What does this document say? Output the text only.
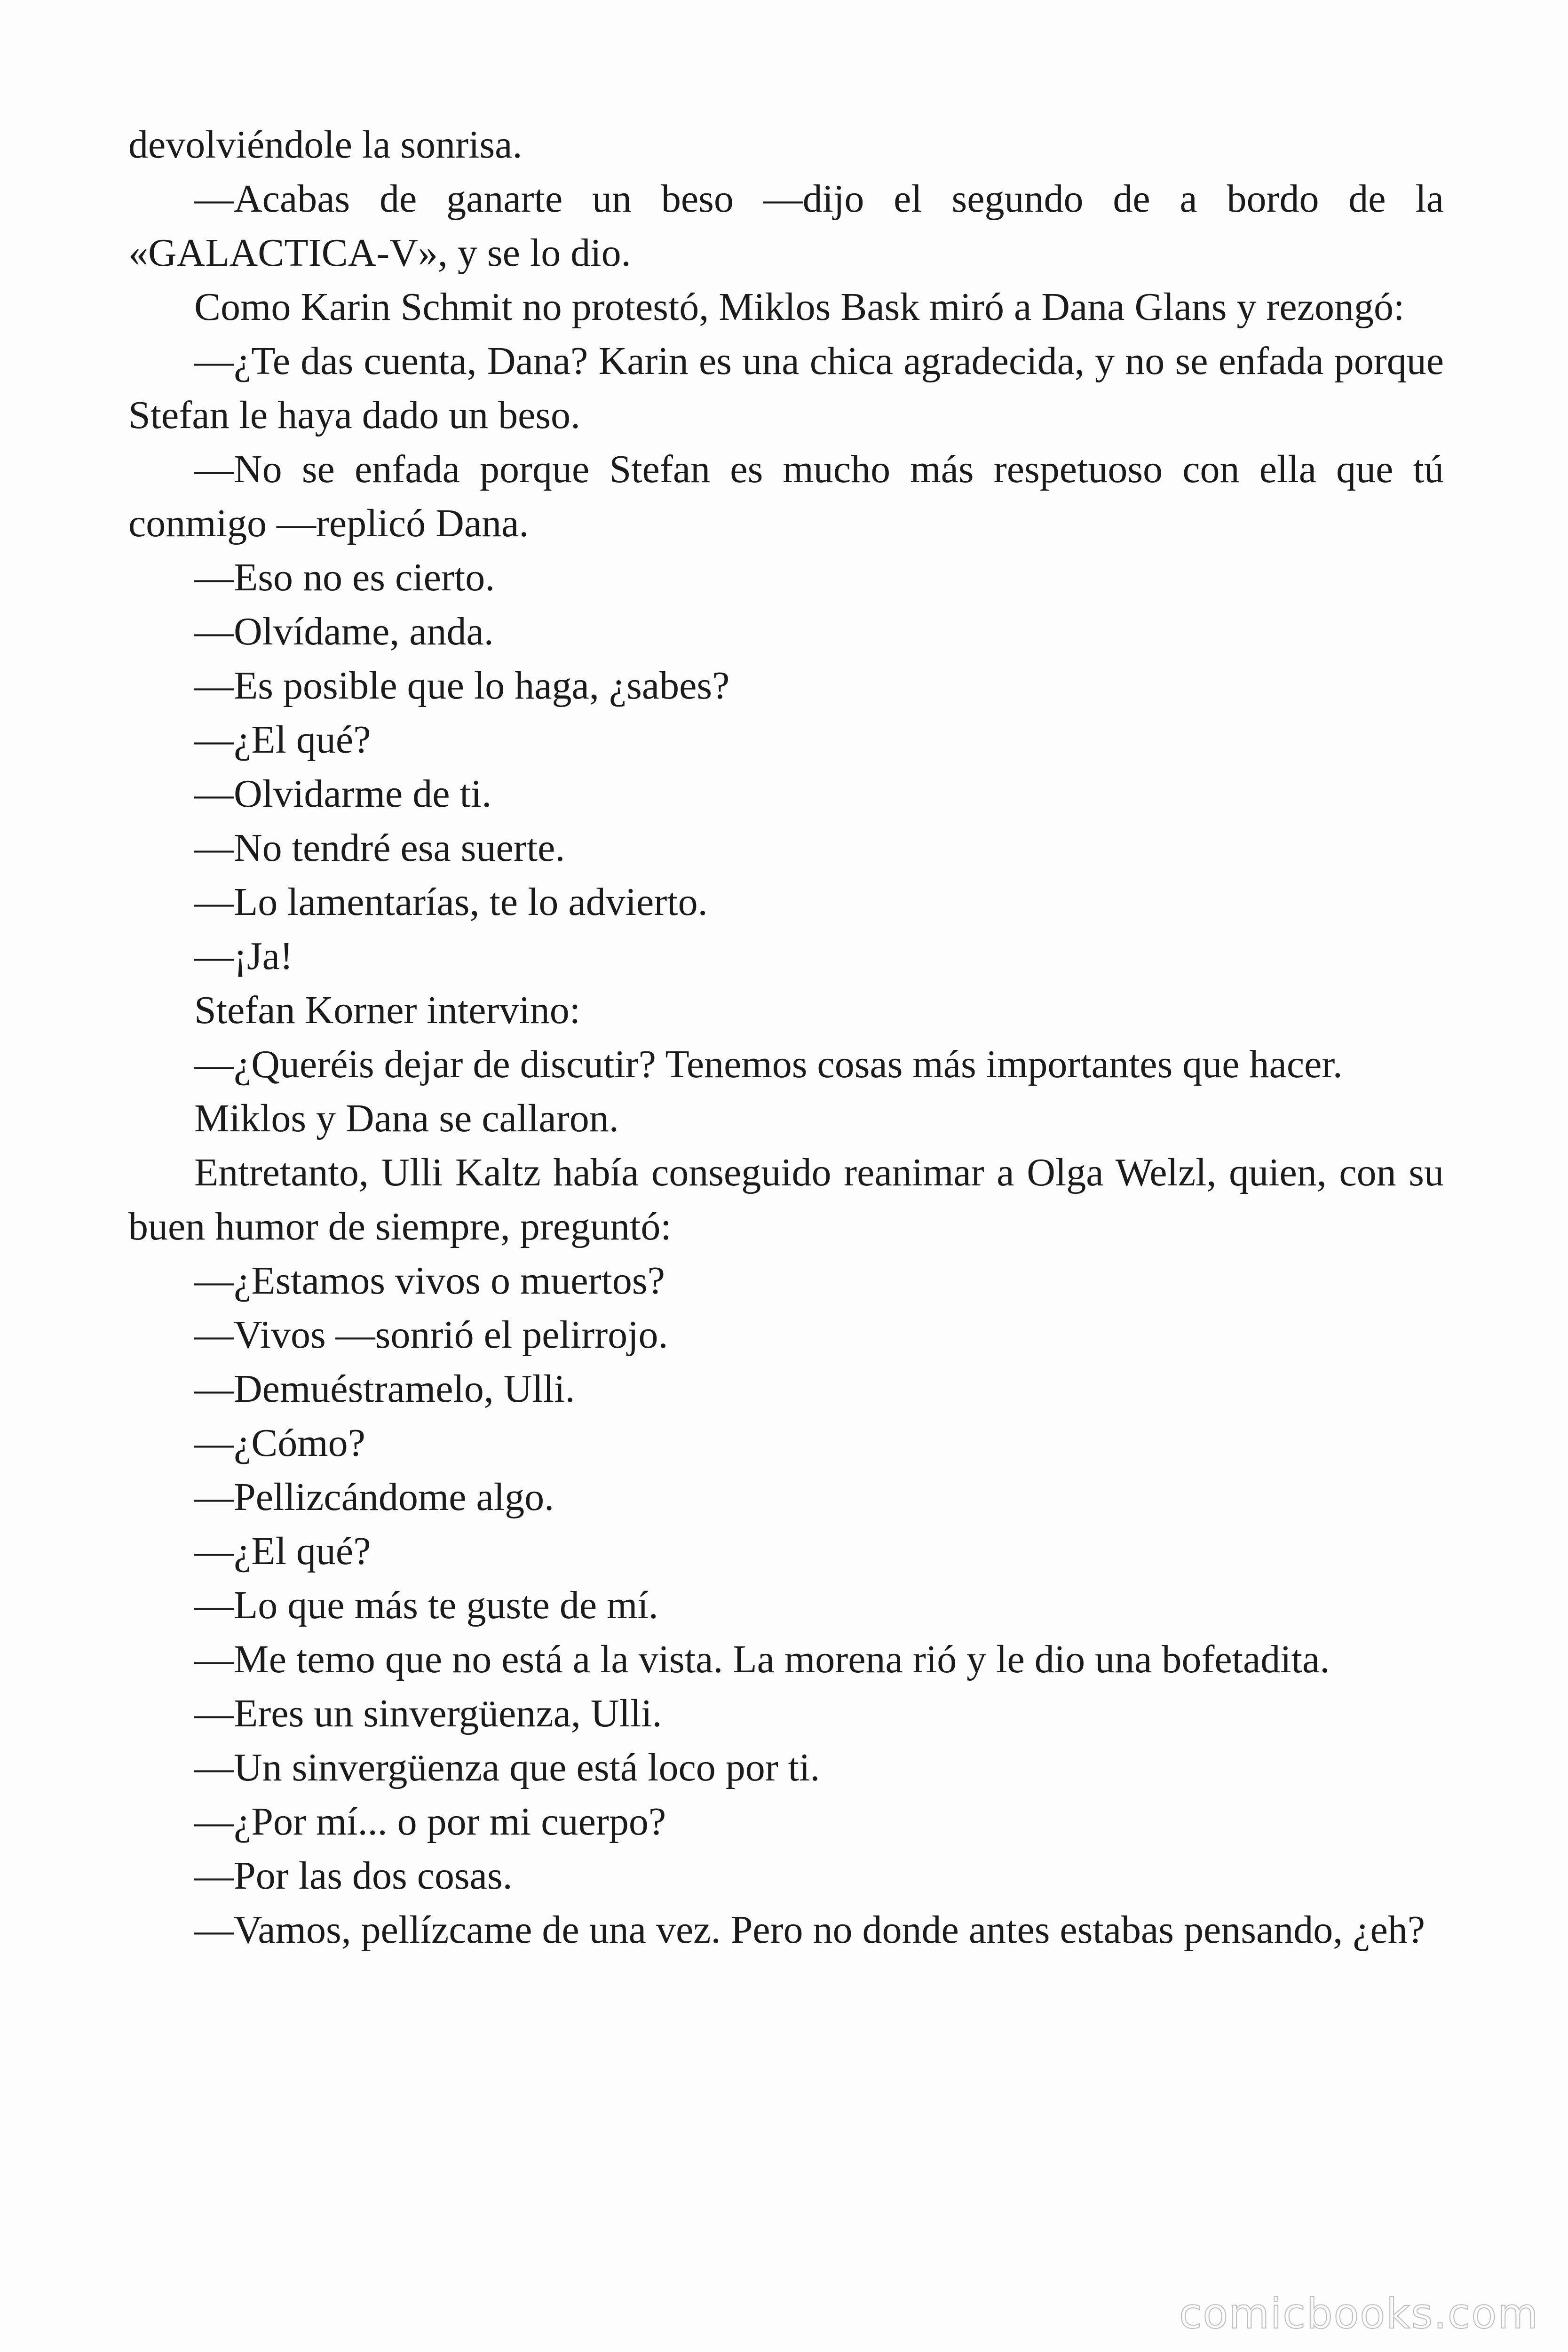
devolviéndole la sonrisa.

—Acabas de ganarte un beso —dijo el segundo de a bordo de la «GALACTICA-V», y se lo dio.

Como Karin Schmit no protestó, Miklos Bask miró a Dana Glans y rezongó:

—¿Te das cuenta, Dana? Karin es una chica agradecida, y no se enfada porque Stefan le haya dado un beso.

—No se enfada porque Stefan es mucho más respetuoso con ella que tú conmigo —replicó Dana.

—Eso no es cierto.

—Olvídame, anda.

—Es posible que lo haga, ¿sabes?

—¿El qué?

—Olvidarme de ti.

—No tendré esa suerte.

—Lo lamentarías, te lo advierto.

—¡Ja!

Stefan Korner intervino:

—¿Queréis dejar de discutir? Tenemos cosas más importantes que hacer.

Miklos y Dana se callaron.

Entretanto, Ulli Kaltz había conseguido reanimar a Olga Welzl, quien, con su buen humor de siempre, preguntó:

—¿Estamos vivos o muertos?

—Vivos —sonrió el pelirrojo.

—Demuéstramelo, Ulli.

—¿Cómo?

—Pellizcándome algo.

—¿El qué?

—Lo que más te guste de mí.

—Me temo que no está a la vista. La morena rió y le dio una bofetadita.

—Eres un sinvergüenza, Ulli.

—Un sinvergüenza que está loco por ti.

—¿Por mí... o por mi cuerpo?

—Por las dos cosas.

—Vamos, pellízcame de una vez. Pero no donde antes estabas pensando, ¿eh?

comicbooks.com
